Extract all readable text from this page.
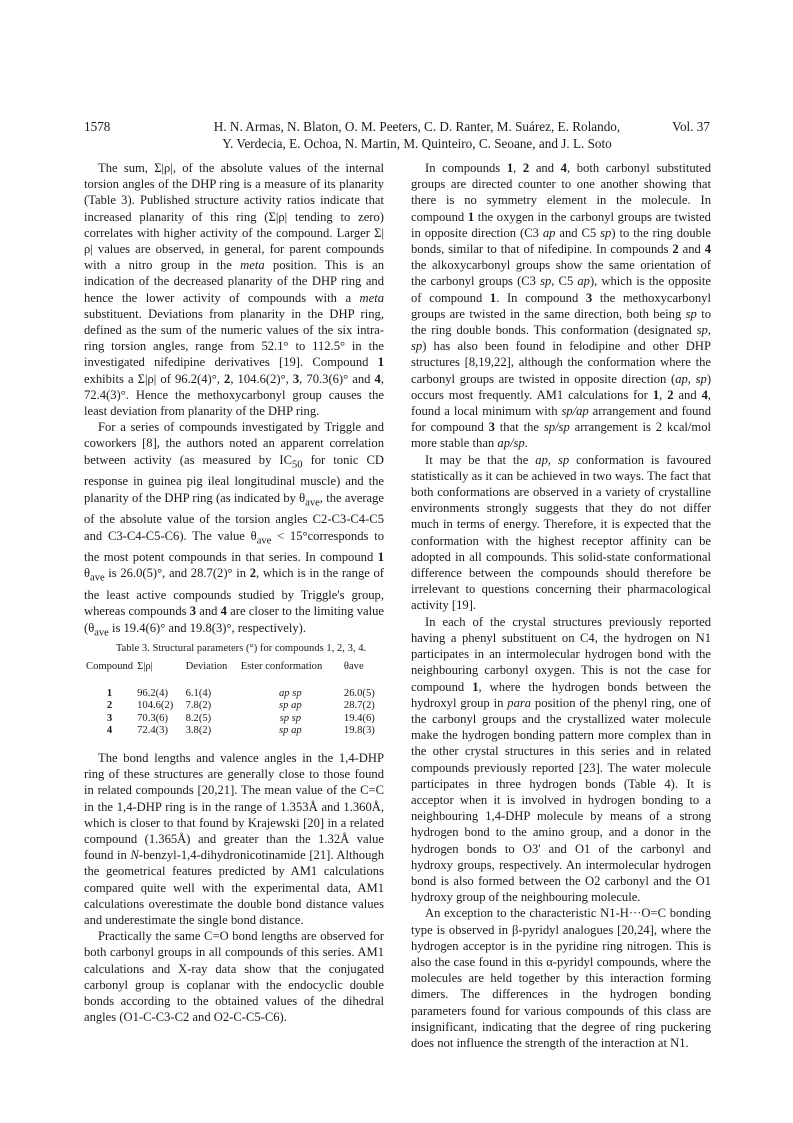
1578	Vol. 37
H. N. Armas, N. Blaton, O. M. Peeters, C. D. Ranter, M. Suárez, E. Rolando,
Y. Verdecia, E. Ochoa, N. Martin, M. Quinteiro, C. Seoane, and J. L. Soto

The sum, Σ|ρ|, of the absolute values of the internal torsion angles of the DHP ring is a measure of its planarity (Table 3). Published structure activity ratios indicate that increased planarity of this ring (Σ|ρ| tending to zero) correlates with higher activity of the compound. Larger Σ|ρ| values are observed, in general, for parent compounds with a nitro group in the meta position. This is an indication of the decreased planarity of the DHP ring and hence the lower activity of compounds with a meta substituent. Deviations from planarity in the DHP ring, defined as the sum of the numeric values of the six intra-ring torsion angles, range from 52.1° to 112.5° in the investigated nifedipine derivatives [19]. Compound 1 exhibits a Σ|ρ| of 96.2(4)°, 2, 104.6(2)°, 3, 70.3(6)° and 4, 72.4(3)°. Hence the methoxycarbonyl group causes the least deviation from planarity of the DHP ring.

For a series of compounds investigated by Triggle and coworkers [8], the authors noted an apparent correlation between activity (as measured by $IC_{50}$ for tonic CD response in guinea pig ileal longitudinal muscle) and the planarity of the DHP ring (as indicated by $\theta_{ave}$, the average of the absolute value of the torsion angles C2-C3-C4-C5 and C3-C4-C5-C6). The value $\theta_{ave}$ < 15°corresponds to the most potent compounds in that series. In compound 1 $\theta_{ave}$ is 26.0(5)°, and 28.7(2)° in 2, which is in the range of the least active compounds studied by Triggle's group, whereas compounds 3 and 4 are closer to the limiting value ($\theta_{ave}$ is 19.4(6)° and 19.8(3)°, respectively).

Table 3. Structural parameters (°) for compounds 1, 2, 3, 4.

Compound	Σ|ρ|	Deviation	Ester conformation	θave
1	96.2(4)	6.1(4)	ap sp	26.0(5)
2	104.6(2)	7.8(2)	sp ap	28.7(2)
3	70.3(6)	8.2(5)	sp sp	19.4(6)
4	72.4(3)	3.8(2)	sp ap	19.8(3)

The bond lengths and valence angles in the 1,4-DHP ring of these structures are generally close to those found in related compounds [20,21]. The mean value of the C=C in the 1,4-DHP ring is in the range of 1.353Å and 1.360Å, which is closer to that found by Krajewski [20] in a related compound (1.365Å) and greater than the 1.32Å value found in N-benzyl-1,4-dihydronicotinamide [21]. Although the geometrical features predicted by AM1 calculations compared quite well with the experimental data, AM1 calculations overestimate the double bond distance values and underestimate the single bond distance.

Practically the same C=O bond lengths are observed for both carbonyl groups in all compounds of this series. AM1 calculations and X-ray data show that the conjugated carbonyl group is coplanar with the endocyclic double bonds according to the obtained values of the dihedral angles (O1-C-C3-C2 and O2-C-C5-C6).

In compounds 1, 2 and 4, both carbonyl substituted groups are directed counter to one another showing that there is no symmetry element in the molecule. In compound 1 the oxygen in the carbonyl groups are twisted in opposite direction (C3 ap and C5 sp) to the ring double bonds, similar to that of nifedipine. In compounds 2 and 4 the alkoxycarbonyl groups show the same orientation of the carbonyl groups (C3 sp, C5 ap), which is the opposite of compound 1. In compound 3 the methoxycarbonyl groups are twisted in the same direction, both being sp to the ring double bonds. This conformation (designated sp, sp) has also been found in felodipine and other DHP structures [8,19,22], although the conformation where the carbonyl groups are twisted in opposite direction (ap, sp) occurs most frequently. AM1 calculations for 1, 2 and 4, found a local minimum with sp/ap arrangement and found for compound 3 that the sp/sp arrangement is 2 kcal/mol more stable than ap/sp.

It may be that the ap, sp conformation is favoured statistically as it can be achieved in two ways. The fact that both conformations are observed in a variety of crystalline environments strongly suggests that they do not differ much in terms of energy. Therefore, it is expected that the conformation with the highest receptor affinity can be adopted in all compounds. This solid-state conformational difference between the compounds should therefore be irrelevant to questions concerning their pharmacological activity [19].

In each of the crystal structures previously reported having a phenyl substituent on C4, the hydrogen on N1 participates in an intermolecular hydrogen bond with the neighbouring carbonyl oxygen. This is not the case for compound 1, where the hydrogen bonds between the hydroxyl group in para position of the phenyl ring, one of the carbonyl groups and the crystallized water molecule make the hydrogen bonding pattern more complex than in the other crystal structures in this series and in related compounds previously reported [23]. The water molecule participates in three hydrogen bonds (Table 4). It is acceptor when it is involved in hydrogen bonding to a neighbouring 1,4-DHP molecule by means of a strong hydrogen bond to the amino group, and a donor in the hydrogen bonds to O3' and O1 of the carbonyl and hydroxy groups, respectively. An intermolecular hydrogen bond is also formed between the O2 carbonyl and the O1 hydroxy group of the neighbouring molecule.

An exception to the characteristic N1-H···O=C bonding type is observed in β-pyridyl analogues [20,24], where the hydrogen acceptor is in the pyridine ring nitrogen. This is also the case found in this α-pyridyl compounds, where the molecules are held together by this interaction forming dimers. The differences in the hydrogen bonding parameters found for various compounds of this class are insignificant, indicating that the degree of ring puckering does not influence the strength of the interaction at N1.
